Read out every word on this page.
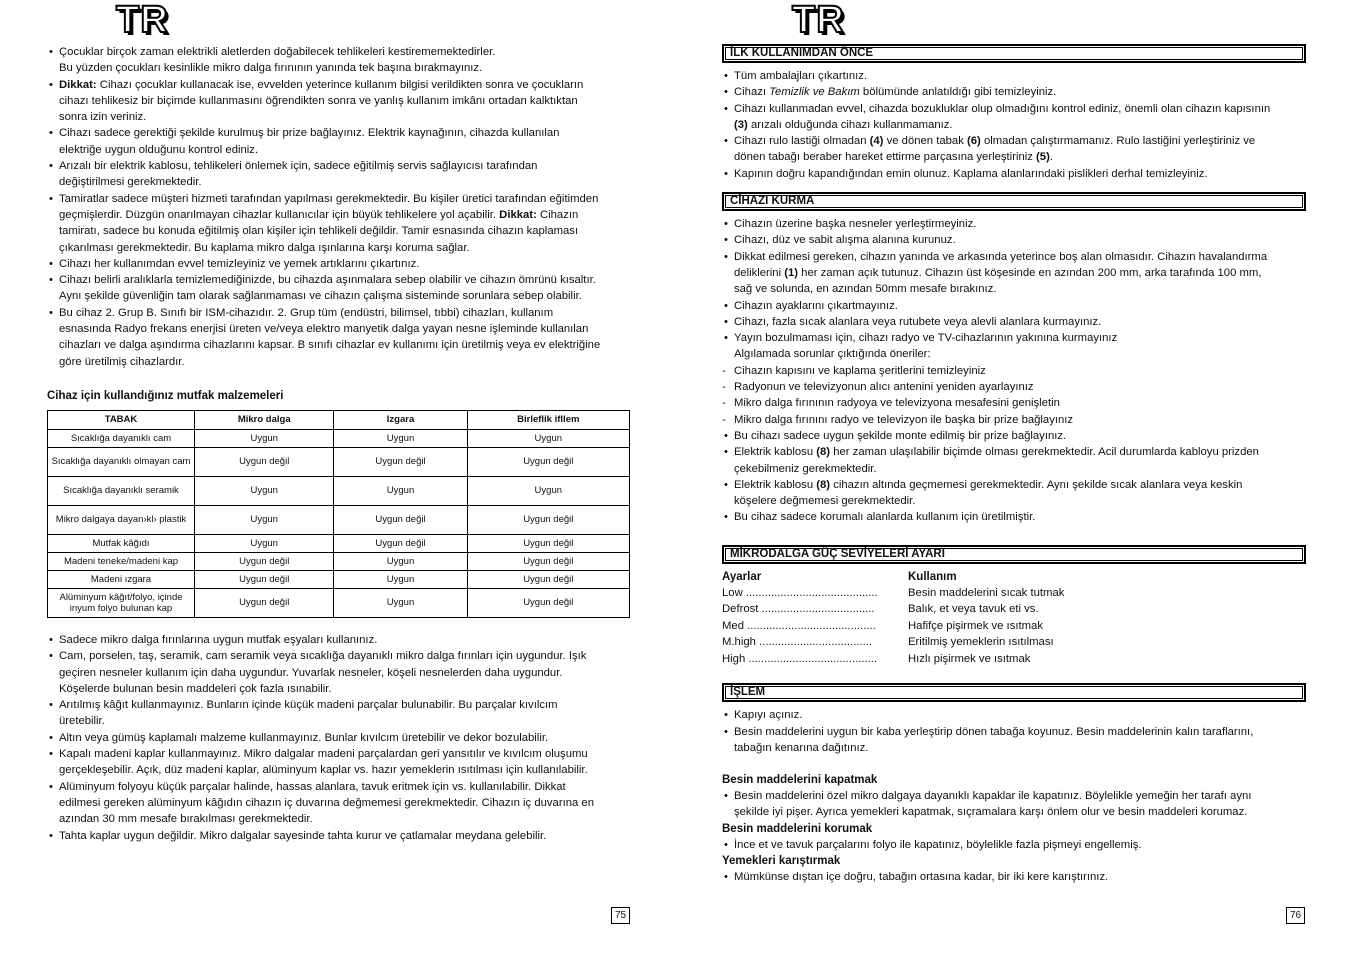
TR
• Çocuklar birçok zaman elektrikli aletlerden doğabilecek tehlikeleri kestirememektedirler.
Bu yüzden çocukları kesinlikle mikro dalga fırınının yanında tek başına bırakmayınız.
• Dikkat: Cihazı çocuklar kullanacak ise, evvelden yeterince kullanım bilgisi verildikten sonra ve çocukların
cihazı tehlikesiz bir biçimde kullanmasını öğrendikten sonra ve yanlış kullanım imkânı ortadan kalktıktan
sonra izin veriniz.
• Cihazı sadece gerektiği şekilde kurulmuş bir prize bağlayınız. Elektrik kaynağının, cihazda kullanılan
elektriğe uygun olduğunu kontrol ediniz.
• Arızalı bir elektrik kablosu, tehlikeleri önlemek için, sadece eğitilmiş servis sağlayıcısı tarafından
değiştirilmesi gerekmektedir.
• Tamiratlar sadece müşteri hizmeti tarafından yapılması gerekmektedir. Bu kişiler üretici tarafından eğitimden
geçmişlerdir. Düzgün onarılmayan cihazlar kullanıcılar için büyük tehlikelere yol açabilir. Dikkat: Cihazın
tamiratı, sadece bu konuda eğitilmiş olan kişiler için tehlikeli değildir. Tamir esnasında cihazın kaplaması
çıkarılması gerekmektedir. Bu kaplama mikro dalga ışınlarına karşı koruma sağlar.
• Cihazı her kullanımdan evvel temizleyiniz ve yemek artıklarını çıkartınız.
• Cihazı belirli aralıklarla temizlemediğinizde, bu cihazda aşınmalara sebep olabilir ve cihazın ömrünü kısaltır.
Aynı şekilde güvenliğin tam olarak sağlanmaması ve cihazın çalışma sisteminde sorunlara sebep olabilir.
• Bu cihaz 2. Grup B. Sınıfı bir ISM-cihazıdır. 2. Grup tüm (endüstri, bilimsel, tıbbi) cihazları, kullanım
esnasında Radyo frekans enerjisi üreten ve/veya elektro manyetik dalga yayan nesne işleminde kullanılan
cihazları ve dalga aşındırma cihazlarını kapsar. B sınıfı cihazlar ev kullanımı için üretilmiş veya ev elektriğine
göre üretilmiş cihazlardır.
Cihaz için kullandığınız mutfak malzemeleri
TABAK	Mikro dalga	Izgara	Birleflik ifllem
Sıcaklığa dayanıklı cam	Uygun	Uygun	Uygun
Sıcaklığa dayanıklı olmayan cam	Uygun değil	Uygun değil	Uygun değil
Sıcaklığa dayanıklı seramik	Uygun	Uygun	Uygun
Mikro dalgaya dayan›kl› plastik	Uygun	Uygun değil	Uygun değil
Mutfak kâğıdı	Uygun	Uygun değil	Uygun değil
Madeni teneke/madeni kap	Uygun değil	Uygun	Uygun değil
Madeni ızgara	Uygun değil	Uygun	Uygun değil
Alüminyum kâğıt/folyo, içinde inyum folyo bulunan kap	Uygun değil	Uygun	Uygun değil
• Sadece mikro dalga fırınlarına uygun mutfak eşyaları kullanınız.
• Cam, porselen, taş, seramik, cam seramik veya sıcaklığa dayanıklı mikro dalga fırınları için uygundur. Işık
geçiren nesneler kullanım için daha uygundur. Yuvarlak nesneler, köşeli nesnelerden daha uygundur.
Köşelerde bulunan besin maddeleri çok fazla ısınabilir.
• Arıtılmış kâğıt kullanmayınız. Bunların içinde küçük madeni parçalar bulunabilir. Bu parçalar kıvılcım
üretebilir.
• Altın veya gümüş kaplamalı malzeme kullanmayınız. Bunlar kıvılcım üretebilir ve dekor bozulabilir.
• Kapalı madeni kaplar kullanmayınız. Mikro dalgalar madeni parçalardan geri yansıtılır ve kıvılcım oluşumu
gerçekleşebilir. Açık, düz madeni kaplar, alüminyum kaplar vs. hazır yemeklerin ısıtılması için kullanılabilir.
• Alüminyum folyoyu küçük parçalar halinde, hassas alanlara, tavuk eritmek için vs. kullanılabilir. Dikkat
edilmesi gereken alüminyum kâğıdın cihazın iç duvarına değmemesi gerekmektedir. Cihazın iç duvarına en
azından 30 mm mesafe bırakılması gerekmektedir.
• Tahta kaplar uygun değildir. Mikro dalgalar sayesinde tahta kurur ve çatlamalar meydana gelebilir.
75
TR
İLK KULLANIMDAN ÖNCE
• Tüm ambalajları çıkartınız.
• Cihazı Temizlik ve Bakım bölümünde anlatıldığı gibi temizleyiniz.
• Cihazı kullanmadan evvel, cihazda bozukluklar olup olmadığını kontrol ediniz, önemli olan cihazın kapısının
(3) arızalı olduğunda cihazı kullanmamanız.
• Cihazı rulo lastiği olmadan (4) ve dönen tabak (6) olmadan çalıştırmamanız. Rulo lastiğini yerleştiriniz ve
dönen tabağı beraber hareket ettirme parçasına yerleştiriniz (5).
• Kapının doğru kapandığından emin olunuz. Kaplama alanlarındaki pislikleri derhal temizleyiniz.
CİHAZI KURMA
• Cihazın üzerine başka nesneler yerleştirmeyiniz.
• Cihazı, düz ve sabit alışma alanına kurunuz.
• Dikkat edilmesi gereken, cihazın yanında ve arkasında yeterince boş alan olmasıdır. Cihazın havalandırma
deliklerini (1) her zaman açık tutunuz. Cihazın üst köşesinde en azından 200 mm, arka tarafında 100 mm,
sağ ve solunda, en azından 50mm mesafe bırakınız.
• Cihazın ayaklarını çıkartmayınız.
• Cihazı, fazla sıcak alanlara veya rutubete veya alevli alanlara kurmayınız.
• Yayın bozulmaması için, cihazı radyo ve TV-cihazlarının yakınına kurmayınız
Algılamada sorunlar çıktığında öneriler:
- Cihazın kapısını ve kaplama şeritlerini temizleyiniz
- Radyonun ve televizyonun alıcı antenini yeniden ayarlayınız
- Mikro dalga fırınının radyoya ve televizyona mesafesini genişletin
- Mikro dalga fırınını radyo ve televizyon ile başka bir prize bağlayınız
• Bu cihazı sadece uygun şekilde monte edilmiş bir prize bağlayınız.
• Elektrik kablosu (8) her zaman ulaşılabilir biçimde olması gerekmektedir. Acil durumlarda kabloyu prizden
çekebilmeniz gerekmektedir.
• Elektrik kablosu (8) cihazın altında geçmemesi gerekmektedir. Aynı şekilde sıcak alanlara veya keskin
köşelere değmemesi gerekmektedir.
• Bu cihaz sadece korumalı alanlarda kullanım için üretilmiştir.
MİKRODALGA GÜÇ SEVİYELERİ AYARI
Ayarlar	Kullanım
Low ..........................................	Besin maddelerini sıcak tutmak
Defrost ....................................	Balık, et veya tavuk eti vs.
Med .........................................	Hafifçe pişirmek ve ısıtmak
M.high ....................................	Eritilmiş yemeklerin ısıtılması
High .........................................	Hızlı pişirmek ve ısıtmak
İŞLEM
• Kapıyı açınız.
• Besin maddelerini uygun bir kaba yerleştirip dönen tabağa koyunuz. Besin maddelerinin kalın taraflarını,
tabağın kenarına dağıtınız.
Besin maddelerini kapatmak
• Besin maddelerini özel mikro dalgaya dayanıklı kapaklar ile kapatınız. Böylelikle yemeğin her tarafı aynı
şekilde iyi pişer. Ayrıca yemekleri kapatmak, sıçramalara karşı önlem olur ve besin maddeleri korumaz.
Besin maddelerini korumak
• İnce et ve tavuk parçalarını folyo ile kapatınız, böylelikle fazla pişmeyi engellemiş.
Yemekleri karıştırmak
• Mümkünse dıştan içe doğru, tabağın ortasına kadar, bir iki kere karıştırınız.
76
